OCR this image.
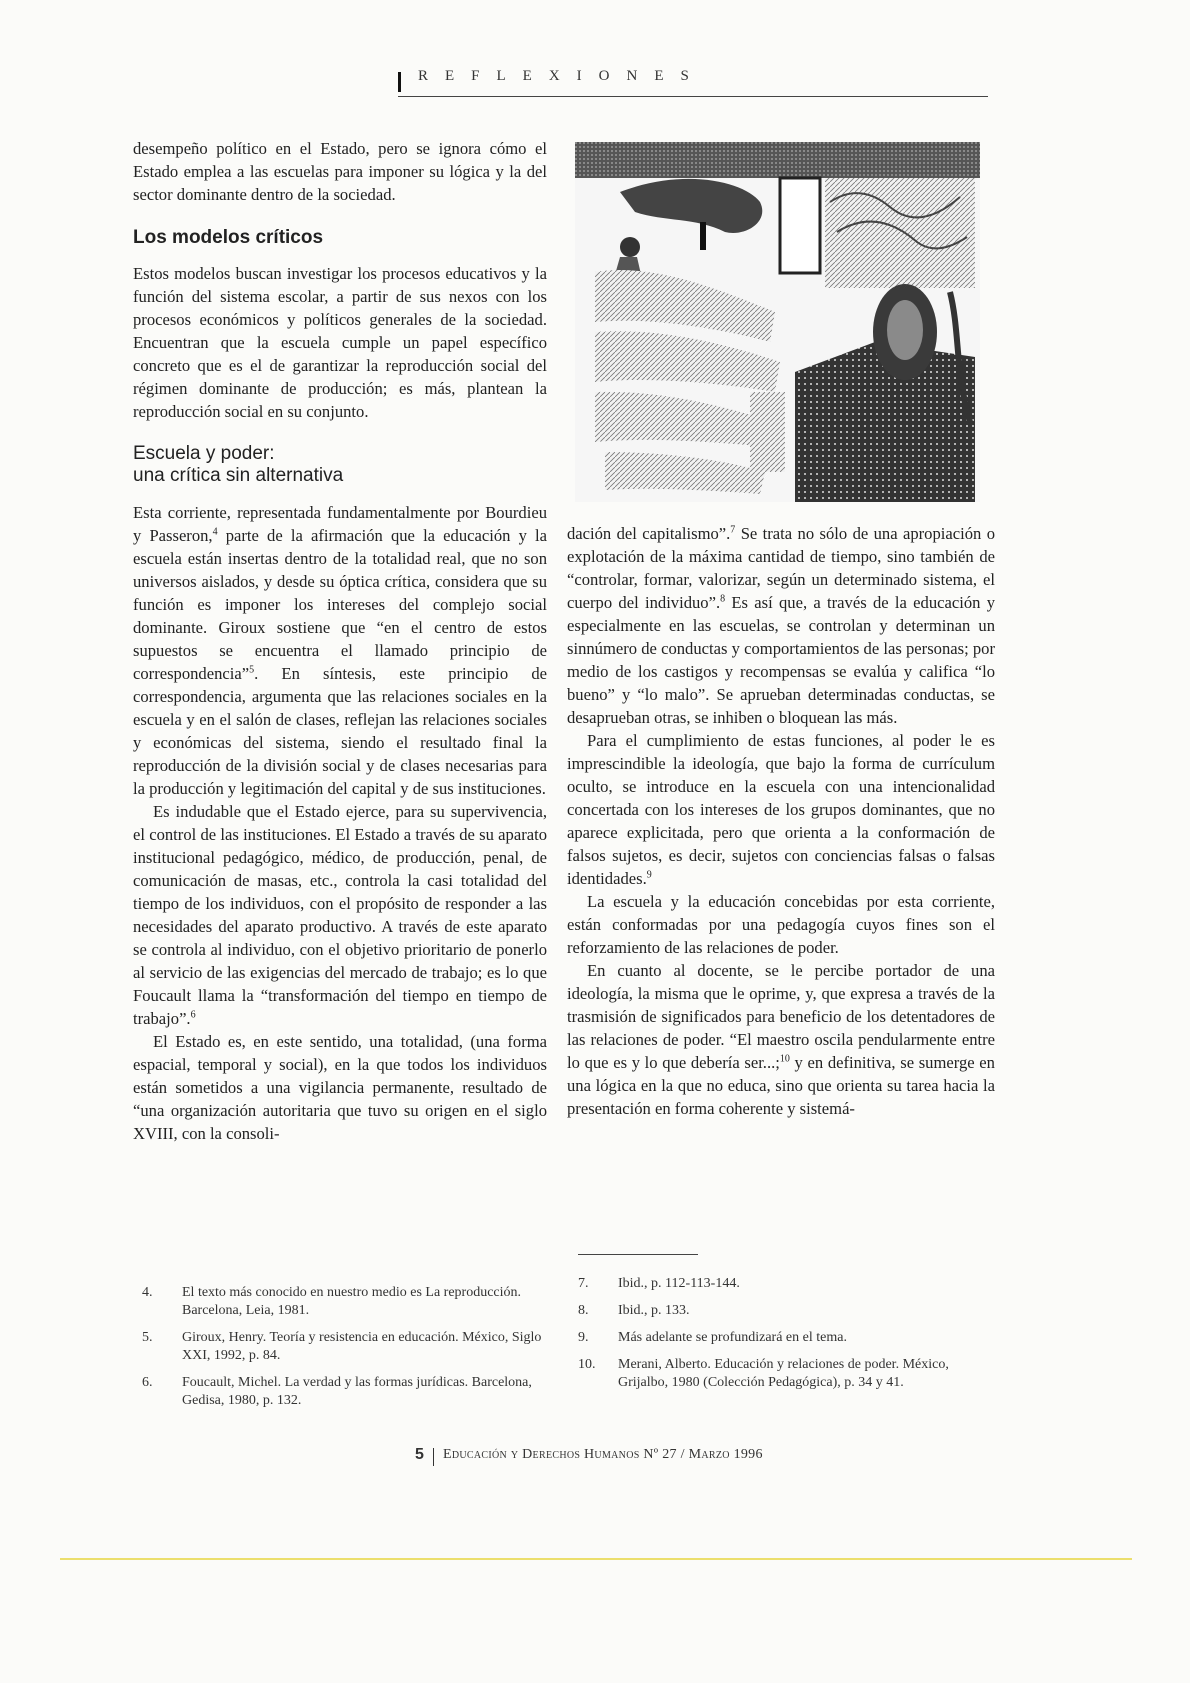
REFLEXIONES

desempeño político en el Estado, pero se ignora cómo el Estado emplea a las escuelas para imponer su lógica y la del sector dominante dentro de la sociedad.

Los modelos críticos

Estos modelos buscan investigar los procesos educativos y la función del sistema escolar, a partir de sus nexos con los procesos económicos y políticos generales de la sociedad. Encuentran que la escuela cumple un papel específico concreto que es el de garantizar la reproducción social del régimen dominante de producción; es más, plantean la reproducción social en su conjunto.

Escuela y poder:
una crítica sin alternativa

Esta corriente, representada fundamentalmente por Bourdieu y Passeron,$^4$ parte de la afirmación que la educación y la escuela están insertas dentro de la totalidad real, que no son universos aislados, y desde su óptica crítica, considera que su función es imponer los intereses del complejo social dominante. Giroux sostiene que “en el centro de estos supuestos se encuentra el llamado principio de correspondencia”$^5$. En síntesis, este principio de correspondencia, argumenta que las relaciones sociales en la escuela y en el salón de clases, reflejan las relaciones sociales y económicas del sistema, siendo el resultado final la reproducción de la división social y de clases necesarias para la producción y legitimación del capital y de sus instituciones.

Es indudable que el Estado ejerce, para su supervivencia, el control de las instituciones. El Estado a través de su aparato institucional pedagógico, médico, de producción, penal, de comunicación de masas, etc., controla la casi totalidad del tiempo de los individuos, con el propósito de responder a las necesidades del aparato productivo. A través de este aparato se controla al individuo, con el objetivo prioritario de ponerlo al servicio de las exigencias del mercado de trabajo; es lo que Foucault llama la “transformación del tiempo en tiempo de trabajo”.$^6$

El Estado es, en este sentido, una totalidad, (una forma espacial, temporal y social), en la que todos los individuos están sometidos a una vigilancia permanente, resultado de “una organización autoritaria que tuvo su origen en el siglo XVIII, con la consoli-

dación del capitalismo”.$^7$ Se trata no sólo de una apropiación o explotación de la máxima cantidad de tiempo, sino también de “controlar, formar, valorizar, según un determinado sistema, el cuerpo del individuo”.$^8$ Es así que, a través de la educación y especialmente en las escuelas, se controlan y determinan un sinnúmero de conductas y comportamientos de las personas; por medio de los castigos y recompensas se evalúa y califica “lo bueno” y “lo malo”. Se aprueban determinadas conductas, se desaprueban otras, se inhiben o bloquean las más.

Para el cumplimiento de estas funciones, al poder le es imprescindible la ideología, que bajo la forma de currículum oculto, se introduce en la escuela con una intencionalidad concertada con los intereses de los grupos dominantes, que no aparece explicitada, pero que orienta a la conformación de falsos sujetos, es decir, sujetos con conciencias falsas o falsas identidades.$^9$

La escuela y la educación concebidas por esta corriente, están conformadas por una pedagogía cuyos fines son el reforzamiento de las relaciones de poder.

En cuanto al docente, se le percibe portador de una ideología, la misma que le oprime, y, que expresa a través de la trasmisión de significados para beneficio de los detentadores de las relaciones de poder. “El maestro oscila pendularmente entre lo que es y lo que debería ser...;$^{10}$ y en definitiva, se sumerge en una lógica en la que no educa, sino que orienta su tarea hacia la presentación en forma coherente y sistemá-

4. El texto más conocido en nuestro medio es La reproducción. Barcelona, Leia, 1981.
5. Giroux, Henry. Teoría y resistencia en educación. México, Siglo XXI, 1992, p. 84.
6. Foucault, Michel. La verdad y las formas jurídicas. Barcelona, Gedisa, 1980, p. 132.
7. Ibid., p. 112-113-144.
8. Ibid., p. 133.
9. Más adelante se profundizará en el tema.
10. Merani, Alberto. Educación y relaciones de poder. México, Grijalbo, 1980 (Colección Pedagógica), p. 34 y 41.
5 Educación y Derechos Humanos Nº 27 / Marzo 1996
